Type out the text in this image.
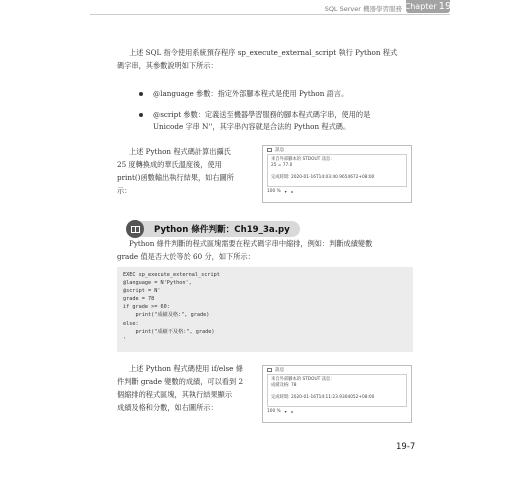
SQL Server 機器學習服務 Chapter 19

上述 SQL 指令使用系統預存程序 sp_execute_external_script 執行 Python 程式

碼字串，其參數說明如下所示：

@language 參數：指定外部腳本程式是使用 Python 語言。
@script 參數：定義送至機器學習服務的腳本程式碼字串，使用的是

Unicode 字串 N''，其字串內容就是合法的 Python 程式碼。

上述 Python 程式碼計算出攝氏

25 度轉換成的華氏溫度後，使用

print()函數輸出執行結果，如右圖所

示：

訊息
來自外部腳本的 STDOUT 訊息：
25 = 77.0
完成時間: 2020-01-16T14:03:40.9654672+08:00
100 % ▾ ◂
Python 條件判斷：Ch19_3a.py

Python 條件判斷的程式區塊需要在程式碼字串中縮排，例如：判斷成績變數

grade 值是否大於等於 60 分，如下所示：

EXEC sp_execute_external_script
@language = N'Python',
@script = N'
grade = 78
if grade >= 60:
print("成績及格:", grade)
else:
print("成績不及格:", grade)
'

上述 Python 程式碼使用 if/else 條

件判斷 grade 變數的成績，可以看到 2

個縮排的程式區塊，其執行結果顯示

成績及格和分數，如右圖所示：

訊息
來自外部腳本的 STDOUT 訊息：
成績及格: 78
完成時間: 2020-01-16T14:11:23.9304052+08:00
100 % ▾ ◂
19-7
